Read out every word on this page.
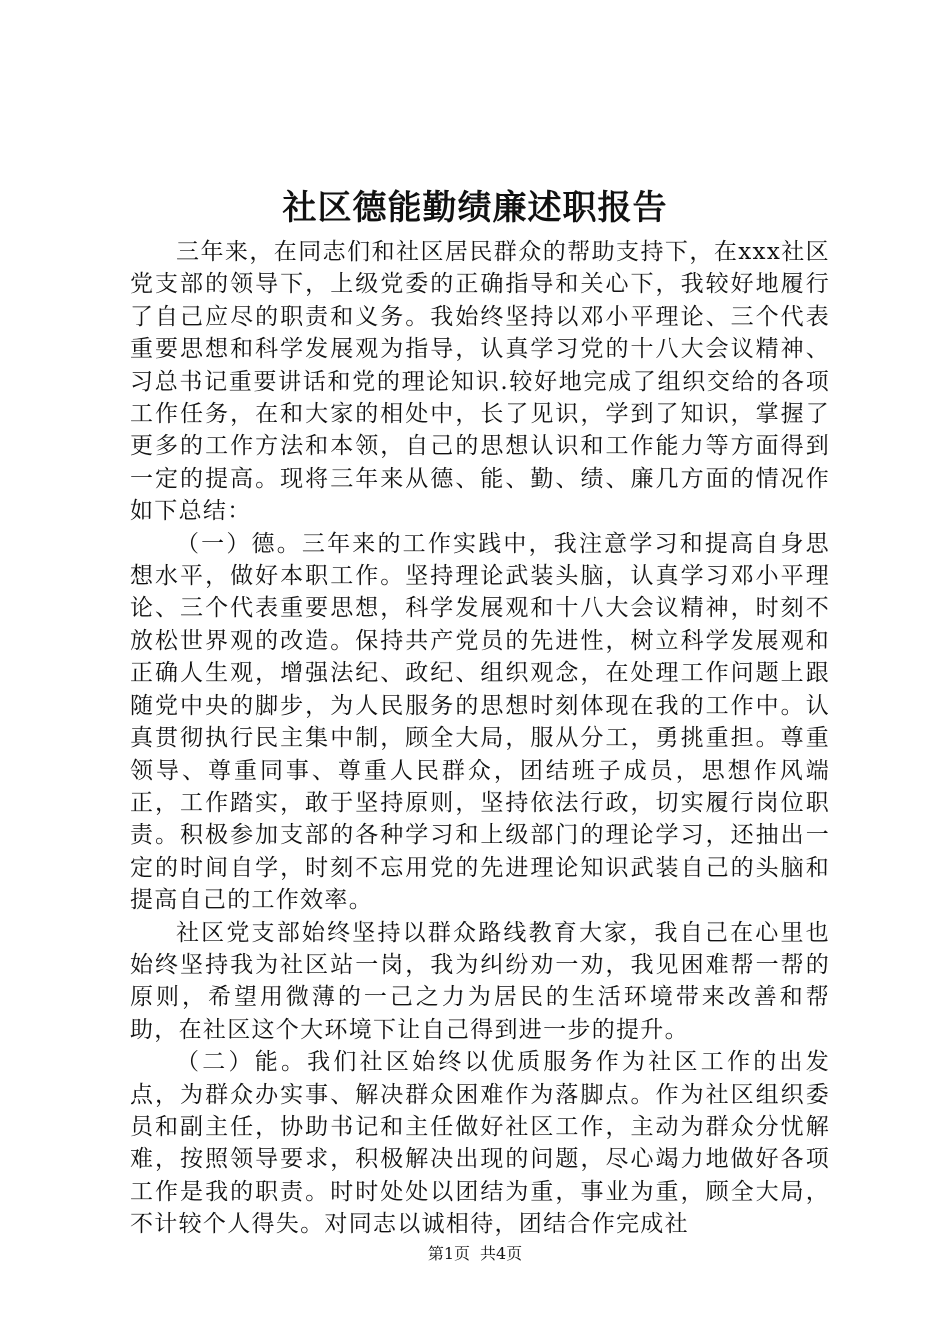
社区德能勤绩廉述职报告

三年来，在同志们和社区居民群众的帮助支持下，在xxx社区党支部的领导下，上级党委的正确指导和关心下，我较好地履行了自己应尽的职责和义务。我始终坚持以邓小平理论、三个代表重要思想和科学发展观为指导，认真学习党的十八大会议精神、习总书记重要讲话和党的理论知识.较好地完成了组织交给的各项工作任务，在和大家的相处中，长了见识，学到了知识，掌握了更多的工作方法和本领，自己的思想认识和工作能力等方面得到一定的提高。现将三年来从德、能、勤、绩、廉几方面的情况作如下总结：

（一）德。三年来的工作实践中，我注意学习和提高自身思想水平，做好本职工作。坚持理论武装头脑，认真学习邓小平理论、三个代表重要思想，科学发展观和十八大会议精神，时刻不放松世界观的改造。保持共产党员的先进性，树立科学发展观和正确人生观，增强法纪、政纪、组织观念，在处理工作问题上跟随党中央的脚步，为人民服务的思想时刻体现在我的工作中。认真贯彻执行民主集中制，顾全大局，服从分工，勇挑重担。尊重领导、尊重同事、尊重人民群众，团结班子成员，思想作风端正，工作踏实，敢于坚持原则，坚持依法行政，切实履行岗位职责。积极参加支部的各种学习和上级部门的理论学习，还抽出一定的时间自学，时刻不忘用党的先进理论知识武装自己的头脑和提高自己的工作效率。

社区党支部始终坚持以群众路线教育大家，我自己在心里也始终坚持我为社区站一岗，我为纠纷劝一劝，我见困难帮一帮的原则，希望用微薄的一己之力为居民的生活环境带来改善和帮助，在社区这个大环境下让自己得到进一步的提升。

（二）能。我们社区始终以优质服务作为社区工作的出发点，为群众办实事、解决群众困难作为落脚点。作为社区组织委员和副主任，协助书记和主任做好社区工作，主动为群众分忧解难，按照领导要求，积极解决出现的问题，尽心竭力地做好各项工作是我的职责。时时处处以团结为重，事业为重，顾全大局，不计较个人得失。对同志以诚相待，团结合作完成社

第1页 共4页
